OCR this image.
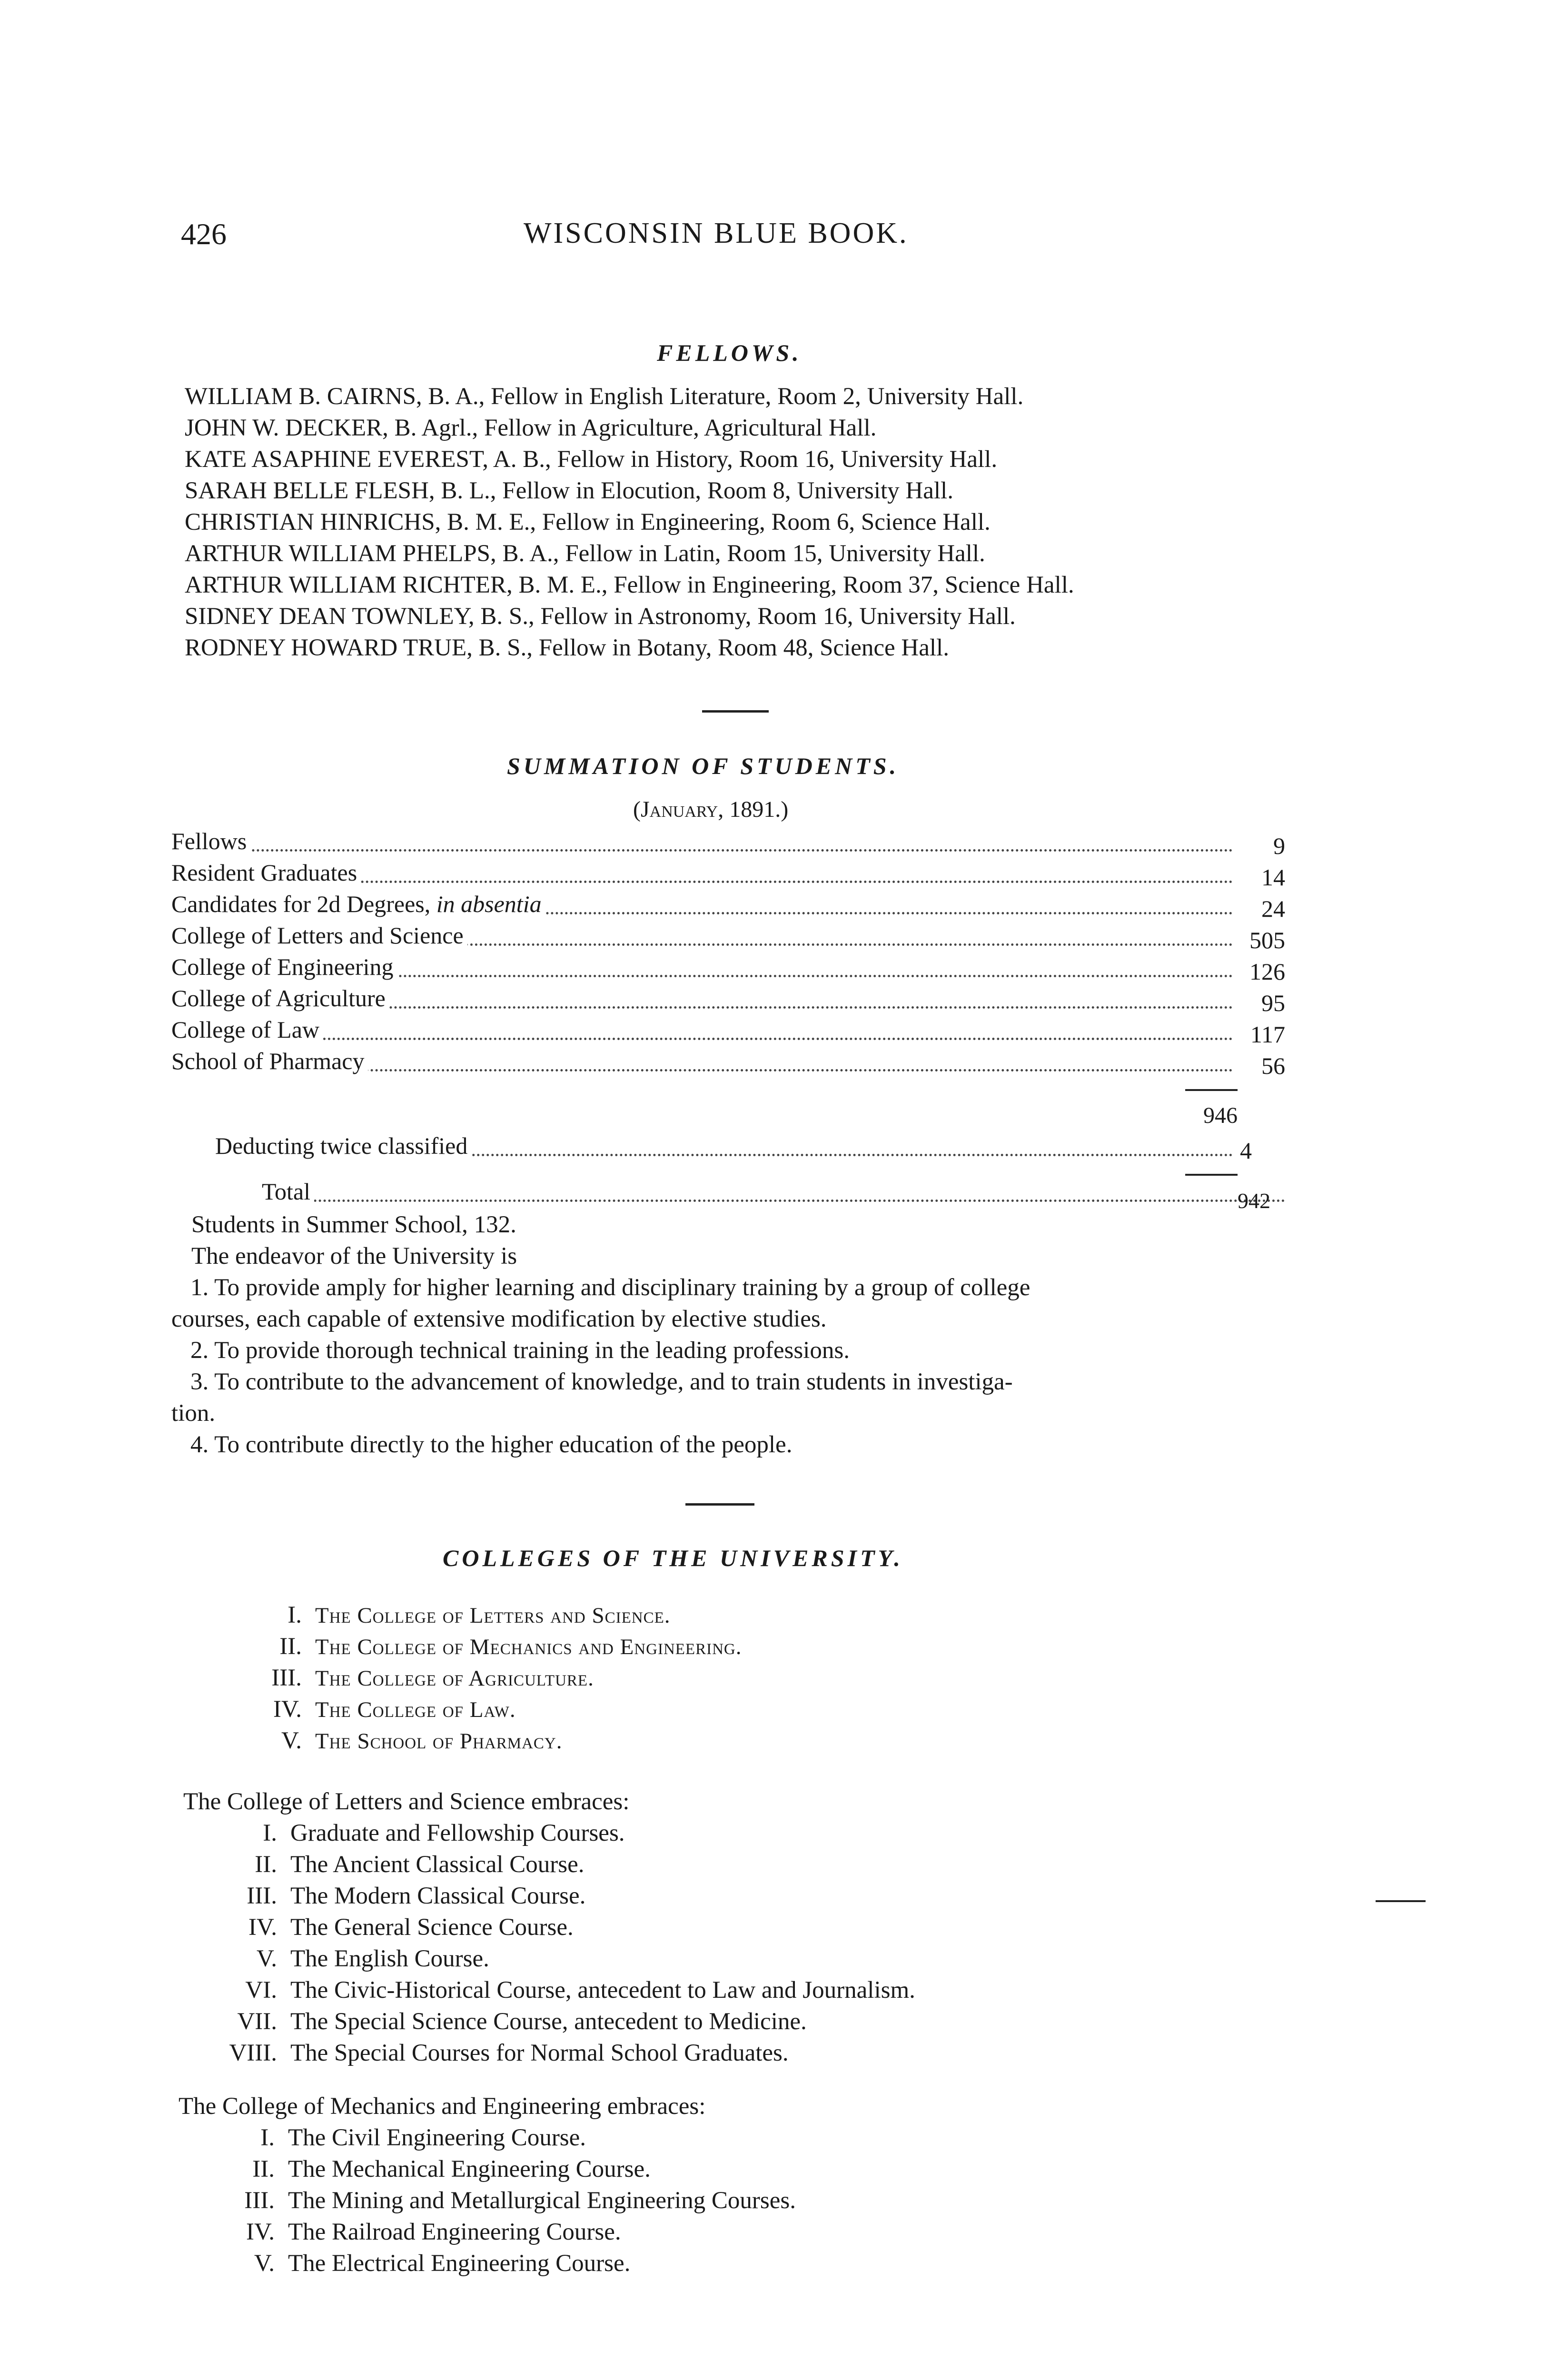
426	WISCONSIN BLUE BOOK.
FELLOWS.
WILLIAM B. CAIRNS, B. A., Fellow in English Literature, Room 2, University Hall.
JOHN W. DECKER, B. Agrl., Fellow in Agriculture, Agricultural Hall.
KATE ASAPHINE EVEREST, A. B., Fellow in History, Room 16, University Hall.
SARAH BELLE FLESH, B. L., Fellow in Elocution, Room 8, University Hall.
CHRISTIAN HINRICHS, B. M. E., Fellow in Engineering, Room 6, Science Hall.
ARTHUR WILLIAM PHELPS, B. A., Fellow in Latin, Room 15, University Hall.
ARTHUR WILLIAM RICHTER, B. M. E., Fellow in Engineering, Room 37, Science Hall.
SIDNEY DEAN TOWNLEY, B. S., Fellow in Astronomy, Room 16, University Hall.
RODNEY HOWARD TRUE, B. S., Fellow in Botany, Room 48, Science Hall.
SUMMATION OF STUDENTS.
(January, 1891.)
Fellows	9
Resident Graduates	14
Candidates for 2d Degrees, in absentia	24
College of Letters and Science	505
College of Engineering	126
College of Agriculture	95
College of Law	117
School of Pharmacy	56
946
Deducting twice classified	4
Total	942
Students in Summer School, 132.
The endeavor of the University is
1. To provide amply for higher learning and disciplinary training by a group of college
courses, each capable of extensive modification by elective studies.
2. To provide thorough technical training in the leading professions.
3. To contribute to the advancement of knowledge, and to train students in investiga-
tion.
4. To contribute directly to the higher education of the people.
COLLEGES OF THE UNIVERSITY.
I. The College of Letters and Science.
II. The College of Mechanics and Engineering.
III. The College of Agriculture.
IV. The College of Law.
V. The School of Pharmacy.
The College of Letters and Science embraces:
I. Graduate and Fellowship Courses.
II. The Ancient Classical Course.
III. The Modern Classical Course.
IV. The General Science Course.
V. The English Course.
VI. The Civic-Historical Course, antecedent to Law and Journalism.
VII. The Special Science Course, antecedent to Medicine.
VIII. The Special Courses for Normal School Graduates.
The College of Mechanics and Engineering embraces:
I. The Civil Engineering Course.
II. The Mechanical Engineering Course.
III. The Mining and Metallurgical Engineering Courses.
IV. The Railroad Engineering Course.
V. The Electrical Engineering Course.
